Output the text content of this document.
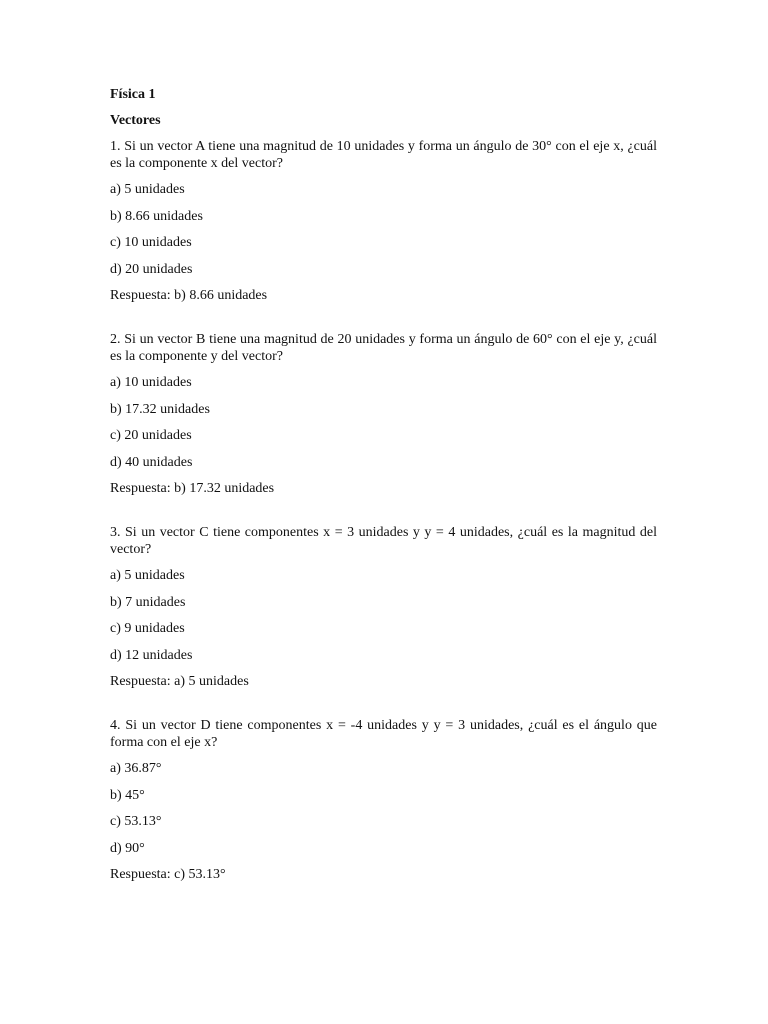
Física 1

Vectores

1. Si un vector A tiene una magnitud de 10 unidades y forma un ángulo de 30° con el eje x, ¿cuál es la componente x del vector?

a) 5 unidades

b) 8.66 unidades

c) 10 unidades

d) 20 unidades

Respuesta: b) 8.66 unidades

2. Si un vector B tiene una magnitud de 20 unidades y forma un ángulo de 60° con el eje y, ¿cuál es la componente y del vector?

a) 10 unidades

b) 17.32 unidades

c) 20 unidades

d) 40 unidades

Respuesta: b) 17.32 unidades

3. Si un vector C tiene componentes x = 3 unidades y y = 4 unidades, ¿cuál es la magnitud del vector?

a) 5 unidades

b) 7 unidades

c) 9 unidades

d) 12 unidades

Respuesta: a) 5 unidades

4. Si un vector D tiene componentes x = -4 unidades y y = 3 unidades, ¿cuál es el ángulo que forma con el eje x?

a) 36.87°

b) 45°

c) 53.13°

d) 90°

Respuesta: c) 53.13°
